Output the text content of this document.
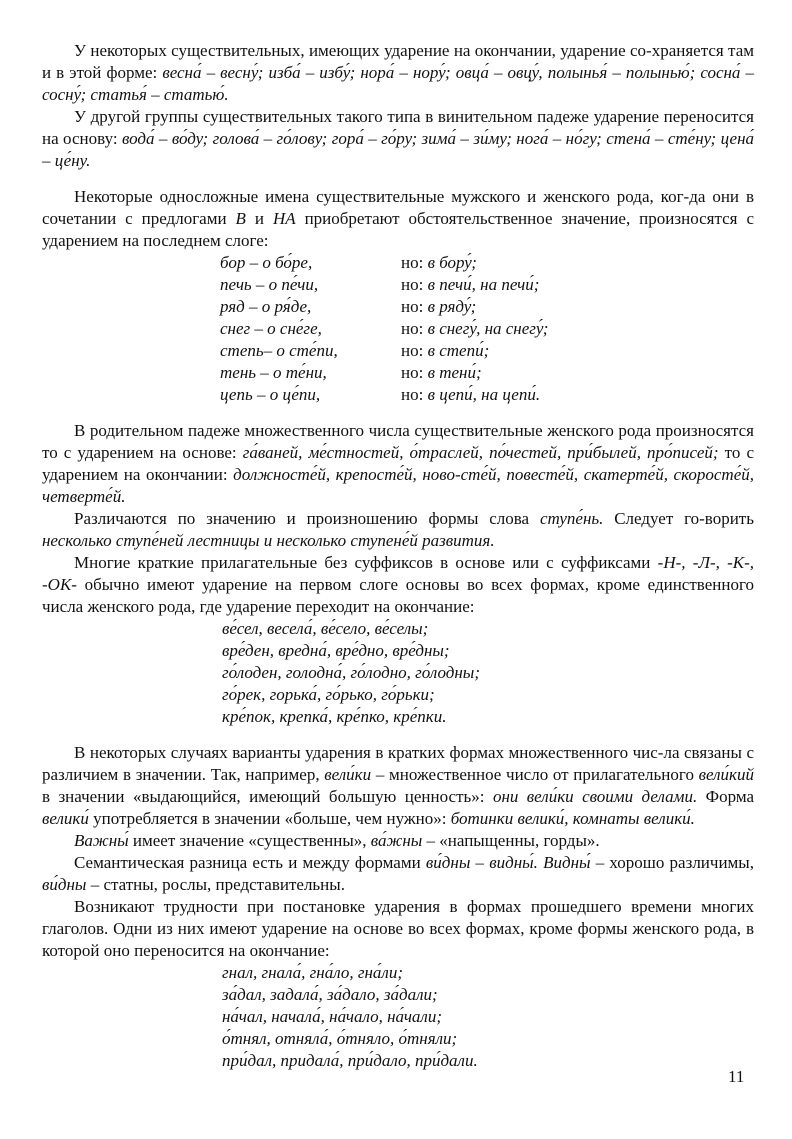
У некоторых существительных, имеющих ударение на окончании, ударение со-храняется там и в этой форме: весна́ – весну́; изба́ – избу́; нора́ – нору́; овца́ – овцу́, полынья́ – полынью́; сосна́ – сосну́; статья́ – статью́.

У другой группы существительных такого типа в винительном падеже ударение переносится на основу: вода́ – во́ду; голова́ – го́лову; гора́ – го́ру; зима́ – зи́му; нога́ – но́гу; стена́ – сте́ну; цена́ – це́ну.

Некоторые односложные имена существительные мужского и женского рода, ког-да они в сочетании с предлогами В и НА приобретают обстоятельственное значение, произносятся с ударением на последнем слоге:

бор – о бо́ре,	но: в бору́;
печь – о пе́чи,	но: в печи́, на печи́;
ряд – о ря́де,	но: в ряду́;
снег – о сне́ге,	но: в снегу́, на снегу́;
степь– о сте́пи,	но: в степи́;
тень – о те́ни,	но: в тени́;
цепь – о це́пи,	но: в цепи́, на цепи́.

В родительном падеже множественного числа существительные женского рода произносятся то с ударением на основе: га́ваней, ме́стностей, о́траслей, по́честей, при́былей, про́писей; то с ударением на окончании: должносте́й, крепосте́й, ново-сте́й, повесте́й, скатерте́й, скоросте́й, четверте́й.

Различаются по значению и произношению формы слова ступе́нь. Следует го-ворить несколько ступе́ней лестницы и несколько ступене́й развития.

Многие краткие прилагательные без суффиксов в основе или с суффиксами -Н-, -Л-, -К-, -ОК- обычно имеют ударение на первом слоге основы во всех формах, кроме единственного числа женского рода, где ударение переходит на окончание:

ве́сел, весела́, ве́село, ве́селы;
вре́ден, вредна́, вре́дно, вре́дны;
го́лоден, голодна́, го́лодно, го́лодны;
го́рек, горька́, го́рько, го́рьки;
кре́пок, крепка́, кре́пко, кре́пки.

В некоторых случаях варианты ударения в кратких формах множественного чис-ла связаны с различием в значении. Так, например, вели́ки – множественное число от прилагательного вели́кий в значении «выдающийся, имеющий большую ценность»: они вели́ки своими делами. Форма велики́ употребляется в значении «больше, чем нужно»: ботинки велики́, комнаты велики́.

Важны́ имеет значение «существенны», ва́жны – «напыщенны, горды».

Семантическая разница есть и между формами ви́дны – видны́. Видны́ – хорошо различимы, ви́дны – статны, рослы, представительны.

Возникают трудности при постановке ударения в формах прошедшего времени многих глаголов. Одни из них имеют ударение на основе во всех формах, кроме формы женского рода, в которой оно переносится на окончание:

гнал, гнала́, гна́ло, гна́ли;
за́дал, задала́, за́дало, за́дали;
на́чал, начала́, на́чало, на́чали;
о́тнял, отняла́, о́тняло, о́тняли;
при́дал, придала́, при́дало, при́дали.
11
